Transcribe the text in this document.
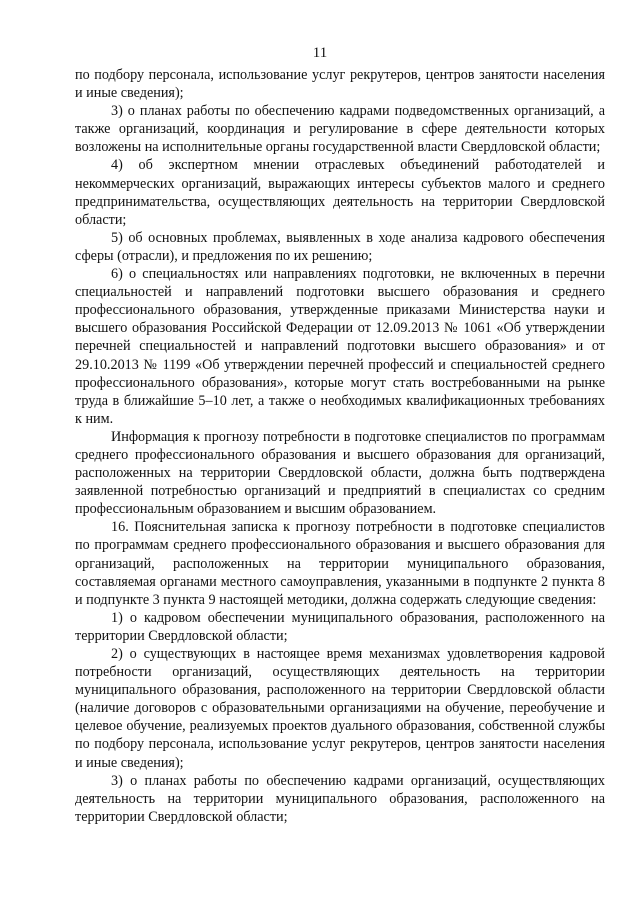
11

по подбору персонала, использование услуг рекрутеров, центров занятости населения и иные сведения);

3) о планах работы по обеспечению кадрами подведомственных организаций, а также организаций, координация и регулирование в сфере деятельности которых возложены на исполнительные органы государственной власти Свердловской области;

4) об экспертном мнении отраслевых объединений работодателей и некоммерческих организаций, выражающих интересы субъектов малого и среднего предпринимательства, осуществляющих деятельность на территории Свердловской области;

5) об основных проблемах, выявленных в ходе анализа кадрового обеспечения сферы (отрасли), и предложения по их решению;

6) о специальностях или направлениях подготовки, не включенных в перечни специальностей и направлений подготовки высшего образования и среднего профессионального образования, утвержденные приказами Министерства науки и высшего образования Российской Федерации от 12.09.2013 № 1061 «Об утверждении перечней специальностей и направлений подготовки высшего образования» и от 29.10.2013 № 1199 «Об утверждении перечней профессий и специальностей среднего профессионального образования», которые могут стать востребованными на рынке труда в ближайшие 5–10 лет, а также о необходимых квалификационных требованиях к ним.

Информация к прогнозу потребности в подготовке специалистов по программам среднего профессионального образования и высшего образования для организаций, расположенных на территории Свердловской области, должна быть подтверждена заявленной потребностью организаций и предприятий в специалистах со средним профессиональным образованием и высшим образованием.

16. Пояснительная записка к прогнозу потребности в подготовке специалистов по программам среднего профессионального образования и высшего образования для организаций, расположенных на территории муниципального образования, составляемая органами местного самоуправления, указанными в подпункте 2 пункта 8 и подпункте 3 пункта 9 настоящей методики, должна содержать следующие сведения:

1) о кадровом обеспечении муниципального образования, расположенного на территории Свердловской области;

2) о существующих в настоящее время механизмах удовлетворения кадровой потребности организаций, осуществляющих деятельность на территории муниципального образования, расположенного на территории Свердловской области (наличие договоров с образовательными организациями на обучение, переобучение и целевое обучение, реализуемых проектов дуального образования, собственной службы по подбору персонала, использование услуг рекрутеров, центров занятости населения и иные сведения);

3) о планах работы по обеспечению кадрами организаций, осуществляющих деятельность на территории муниципального образования, расположенного на территории Свердловской области;
